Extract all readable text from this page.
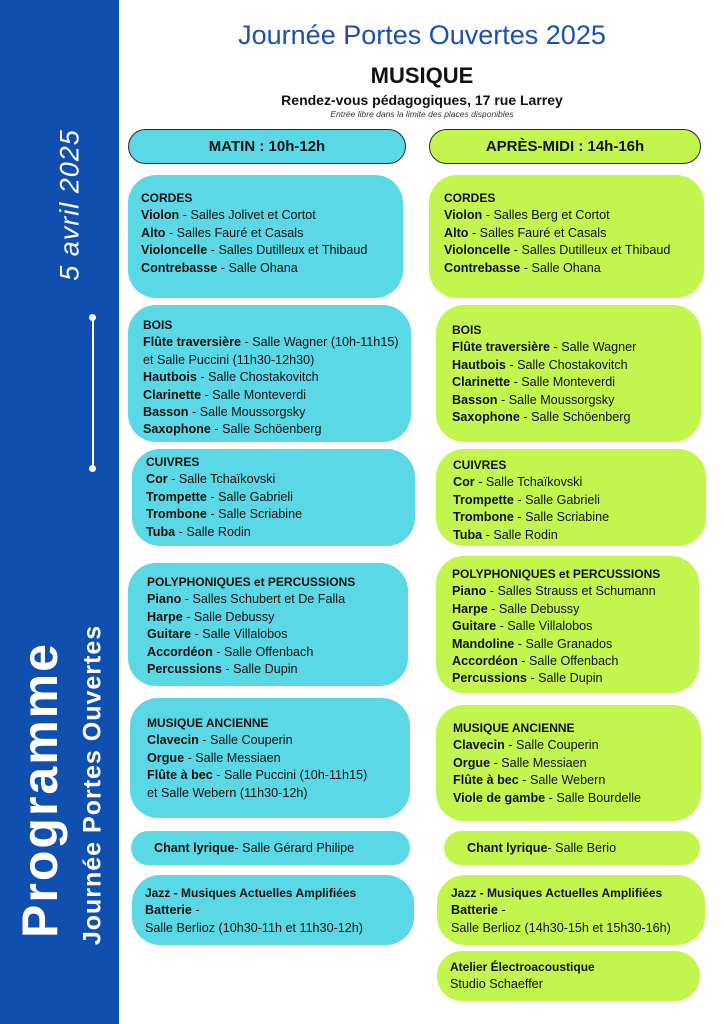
5 avril 2025
Programme Journée Portes Ouvertes
Journée Portes Ouvertes 2025
MUSIQUE
Rendez-vous pédagogiques, 17 rue Larrey
Entrée libre dans la limite des places disponibles
MATIN : 10h-12h	APRÈS-MIDI : 14h-16h
CORDES
Violon - Salles Jolivet et Cortot
Alto - Salles Fauré et Casals
Violoncelle - Salles Dutilleux et Thibaud
Contrebasse - Salle Ohana
CORDES
Violon - Salles Berg et Cortot
Alto - Salles Fauré et Casals
Violoncelle - Salles Dutilleux et Thibaud
Contrebasse - Salle Ohana
BOIS
Flûte traversière - Salle Wagner (10h-11h15)
et Salle Puccini (11h30-12h30)
Hautbois - Salle Chostakovitch
Clarinette - Salle Monteverdi
Basson - Salle Moussorgsky
Saxophone - Salle Schöenberg
BOIS
Flûte traversière - Salle Wagner
Hautbois - Salle Chostakovitch
Clarinette - Salle Monteverdi
Basson - Salle Moussorgsky
Saxophone - Salle Schöenberg
CUIVRES
Cor - Salle Tchaïkovski
Trompette - Salle Gabrieli
Trombone - Salle Scriabine
Tuba - Salle Rodin
CUIVRES
Cor - Salle Tchaïkovski
Trompette - Salle Gabrieli
Trombone - Salle Scriabine
Tuba - Salle Rodin
POLYPHONIQUES et PERCUSSIONS
Piano - Salles Schubert et De Falla
Harpe - Salle Debussy
Guitare - Salle Villalobos
Accordéon - Salle Offenbach
Percussions - Salle Dupin
POLYPHONIQUES et PERCUSSIONS
Piano - Salles Strauss et Schumann
Harpe - Salle Debussy
Guitare - Salle Villalobos
Mandoline - Salle Granados
Accordéon - Salle Offenbach
Percussions - Salle Dupin
MUSIQUE ANCIENNE
Clavecin - Salle Couperin
Orgue - Salle Messiaen
Flûte à bec - Salle Puccini (10h-11h15)
et Salle Webern (11h30-12h)
MUSIQUE ANCIENNE
Clavecin - Salle Couperin
Orgue - Salle Messiaen
Flûte à bec - Salle Webern
Viole de gambe - Salle Bourdelle
Chant lyrique - Salle Gérard Philipe	Chant lyrique - Salle Berio
Jazz - Musiques Actuelles Amplifiées
Batterie -
Salle Berlioz (10h30-11h et 11h30-12h)
Jazz - Musiques Actuelles Amplifiées
Batterie -
Salle Berlioz (14h30-15h et 15h30-16h)
Atelier Électroacoustique
Studio Schaeffer
